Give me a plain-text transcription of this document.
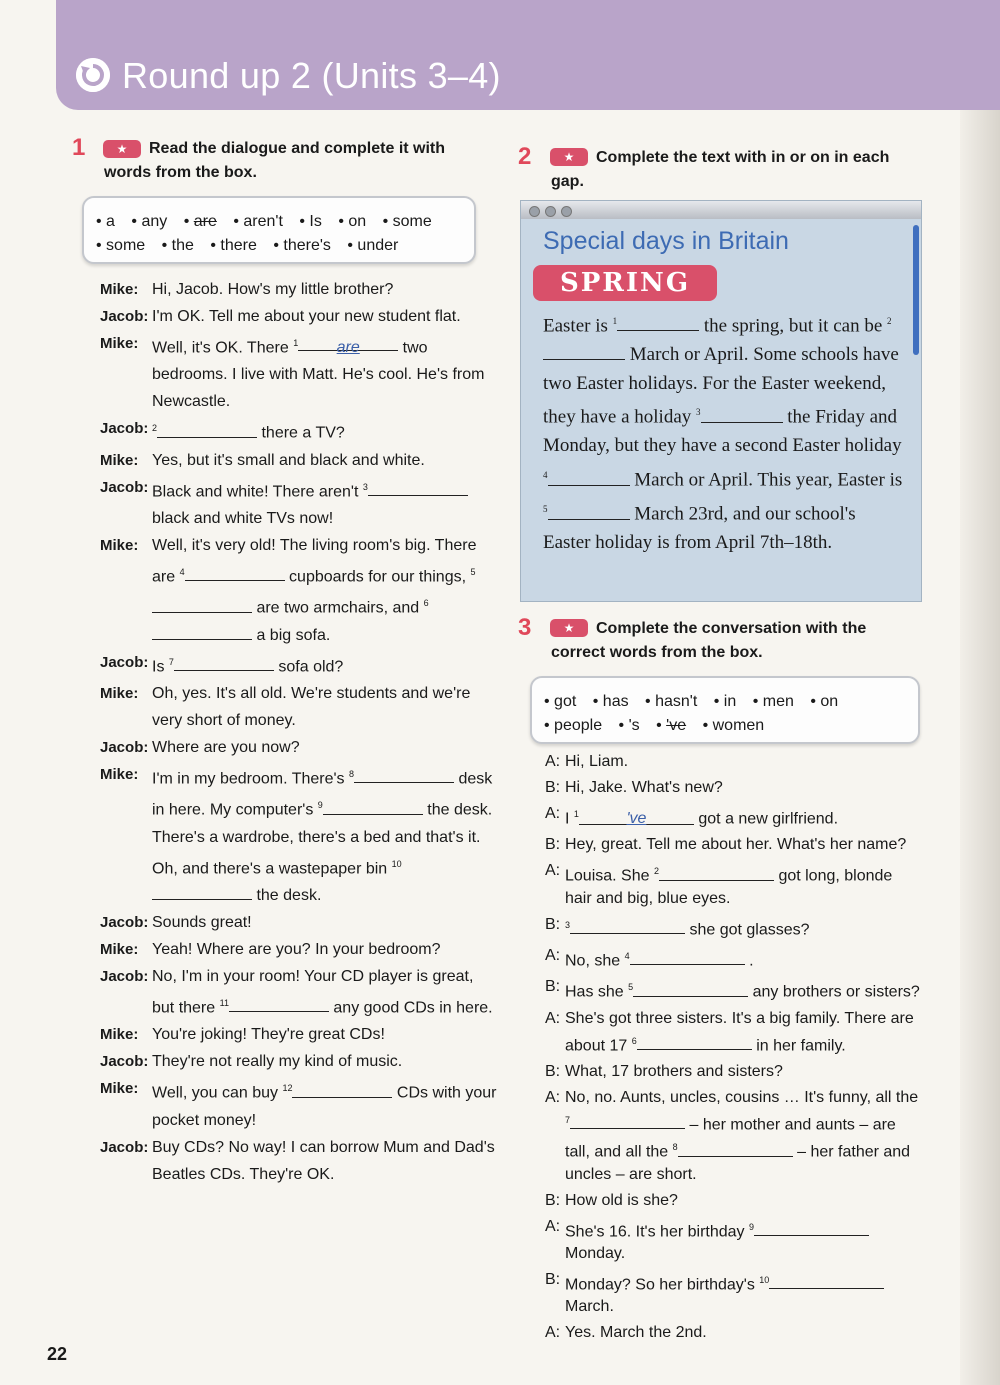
Round up 2 (Units 3–4)
1	★	Read the dialogue and complete it with words from the box.
• a • any • are • aren't • Is • on • some • some • the • there • there's • under
Mike: Hi, Jacob. How's my little brother?
Jacob: I'm OK. Tell me about your new student flat.
Mike: Well, it's OK. There $^1$ are	two bedrooms. I live with Matt. He's cool. He's from Newcastle.
Jacob: $^2$	there a TV?
Mike: Yes, but it's small and black and white.
Jacob: Black and white! There aren't $^3$ black and white TVs now!
Mike: Well, it's very old! The living room's big. There are $^4$	cupboards for our things, $^5$ are two armchairs, and $^6$ a big sofa.
Jacob: Is $^7$	sofa old?
Mike: Oh, yes. It's all old. We're students and we're very short of money.
Jacob: Where are you now?
Mike: I'm in my bedroom. There's $^8$	desk in here. My computer's $^9$	the desk. There's a wardrobe, there's a bed and that's it. Oh, and there's a wastepaper bin $^{10}$ the desk.
Jacob: Sounds great!
Mike: Yeah! Where are you? In your bedroom?
Jacob: No, I'm in your room! Your CD player is great, but there $^{11}$	any good CDs in here.
Mike: You're joking! They're great CDs!
Jacob: They're not really my kind of music.
Mike: Well, you can buy $^{12}$	CDs with your pocket money!
Jacob: Buy CDs? No way! I can borrow Mum and Dad's Beatles CDs. They're OK.
2	★	Complete the text with in or on in each gap.
Special days in Britain
SPRING
Easter is $^1$	the spring, but it can be $^2$ March or April. Some schools have two Easter holidays. For the Easter weekend, they have a holiday $^3$	the Friday and Monday, but they have a second Easter holiday $^4$	March or April. This year, Easter is $^5$	March 23rd, and our school's Easter holiday is from April 7th–18th.
3	★	Complete the conversation with the correct words from the box.
• got • has • hasn't • in • men • on • people • 's • 've • women
A: Hi, Liam.
B: Hi, Jake. What's new?
A: I $^1$	've	got a new girlfriend.
B: Hey, great. Tell me about her. What's her name?
A: Louisa. She $^2$	got long, blonde hair and big, blue eyes.
B: $^3$	she got glasses?
A: No, she $^4$	.
B: Has she $^5$	any brothers or sisters?
A: She's got three sisters. It's a big family. There are about 17 $^6$	in her family.
B: What, 17 brothers and sisters?
A: No, no. Aunts, uncles, cousins … It's funny, all the $^7$	– her mother and aunts – are tall, and all the $^8$	– her father and uncles – are short.
B: How old is she?
A: She's 16. It's her birthday $^9$ Monday.
B: Monday? So her birthday's $^{10}$ March.
A: Yes. March the 2nd.
22
